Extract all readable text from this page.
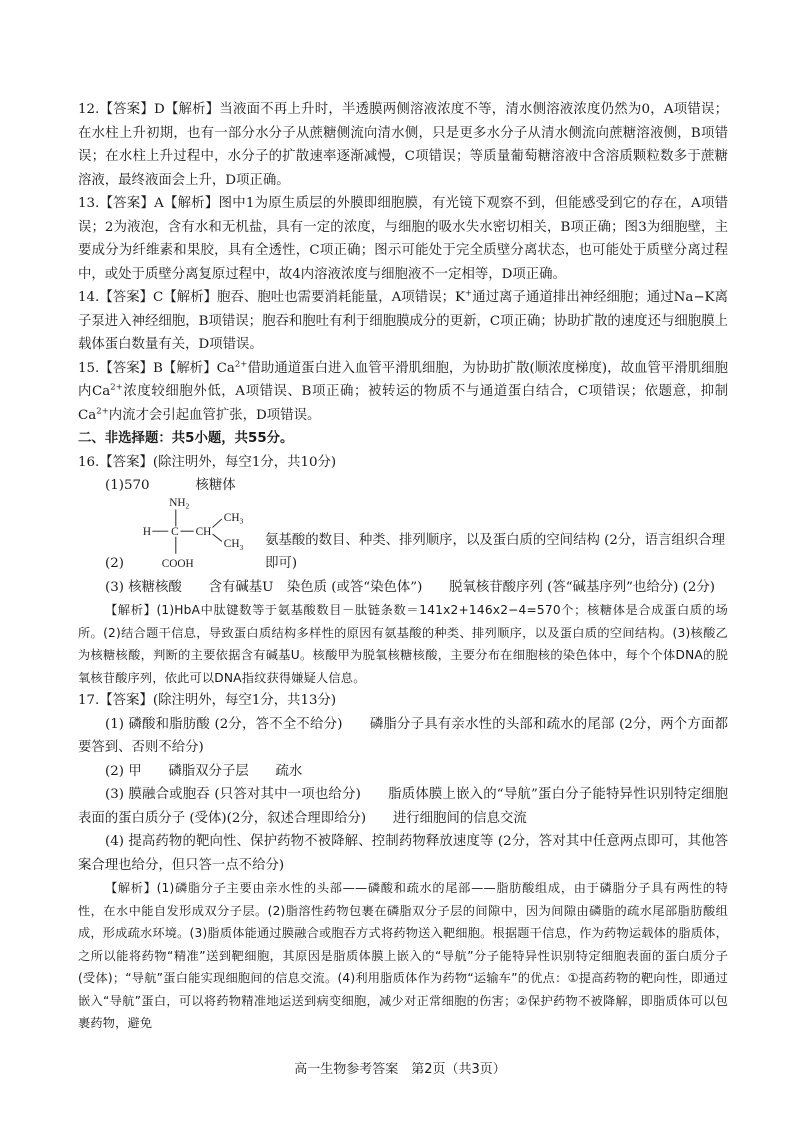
12.【答案】D【解析】当液面不再上升时，半透膜两侧溶液浓度不等，清水侧溶液浓度仍然为0，A项错误；在水柱上升初期，也有一部分水分子从蔗糖侧流向清水侧，只是更多水分子从清水侧流向蔗糖溶液侧，B项错误；在水柱上升过程中，水分子的扩散速率逐渐减慢，C项错误；等质量葡萄糖溶液中含溶质颗粒数多于蔗糖溶液，最终液面会上升，D项正确。

13.【答案】A【解析】图中1为原生质层的外膜即细胞膜，有光镜下观察不到，但能感受到它的存在，A项错误；2为液泡，含有水和无机盐，具有一定的浓度，与细胞的吸水失水密切相关，B项正确；图3为细胞壁，主要成分为纤维素和果胶，具有全透性，C项正确；图示可能处于完全质壁分离状态，也可能处于质壁分离过程中，或处于质壁分离复原过程中，故4内溶液浓度与细胞液不一定相等，D项正确。

14.【答案】C【解析】胞吞、胞吐也需要消耗能量，A项错误；K+通过离子通道排出神经细胞；通过Na−K离子泵进入神经细胞，B项错误；胞吞和胞吐有利于细胞膜成分的更新，C项正确；协助扩散的速度还与细胞膜上载体蛋白数量有关，D项错误。

15.【答案】B【解析】$Ca^{2+}$借助通道蛋白进入血管平滑肌细胞，为协助扩散(顺浓度梯度)，故血管平滑肌细胞内$Ca^{2+}$浓度较细胞外低，A项错误、B项正确；被转运的物质不与通道蛋白结合，C项错误；依题意，抑制$Ca^{2+}$内流才会引起血管扩张，D项错误。

二、非选择题：共5小题，共55分。

16.【答案】(除注明外，每空1分，共10分)

(1)570	核糖体

(2)
$NH_2$
H C CH
$CH_3$
$CH_3$
COOH
氨基酸的数目、种类、排列顺序，以及蛋白质的空间结构 (2分，语言组织合理即可)

(3) 核糖核酸　　含有碱基U　染色质 (或答“染色体”)　　脱氧核苷酸序列 (答“碱基序列”也给分) (2分)

【解析】(1)HbA中肽键数等于氨基酸数目－肽链条数＝141x2+146x2−4=570个；核糖体是合成蛋白质的场所。(2)结合题干信息，导致蛋白质结构多样性的原因有氨基酸的种类、排列顺序，以及蛋白质的空间结构。(3)核酸乙为核糖核酸，判断的主要依据含有碱基U。核酸甲为脱氧核糖核酸，主要分布在细胞核的染色体中，每个个体DNA的脱氧核苷酸序列，依此可以DNA指纹获得嫌疑人信息。

17.【答案】(除注明外，每空1分，共13分)

(1) 磷酸和脂肪酸 (2分，答不全不给分)　　磷脂分子具有亲水性的头部和疏水的尾部 (2分，两个方面都要答到、否则不给分)

(2) 甲　　磷脂双分子层　　疏水

(3) 膜融合或胞吞 (只答对其中一项也给分)　　脂质体膜上嵌入的“导航”蛋白分子能特异性识别特定细胞表面的蛋白质分子 (受体)(2分，叙述合理即给分)　　进行细胞间的信息交流

(4) 提高药物的靶向性、保护药物不被降解、控制药物释放速度等 (2分，答对其中任意两点即可，其他答案合理也给分，但只答一点不给分)

【解析】(1)磷脂分子主要由亲水性的头部——磷酸和疏水的尾部——脂肪酸组成，由于磷脂分子具有两性的特性，在水中能自发形成双分子层。(2)脂溶性药物包裹在磷脂双分子层的间隙中，因为间隙由磷脂的疏水尾部脂肪酸组成，形成疏水环境。(3)脂质体能通过膜融合或胞吞方式将药物送入靶细胞。根据题干信息，作为药物运载体的脂质体，之所以能将药物“精准”送到靶细胞，其原因是脂质体膜上嵌入的“导航”分子能特异性识别特定细胞表面的蛋白质分子(受体)；“导航”蛋白能实现细胞间的信息交流。(4)利用脂质体作为药物“运输车”的优点：①提高药物的靶向性，即通过嵌入“导航”蛋白，可以将药物精准地运送到病变细胞，减少对正常细胞的伤害；②保护药物不被降解，即脂质体可以包裹药物，避免

高一生物参考答案　第2页（共3页）
